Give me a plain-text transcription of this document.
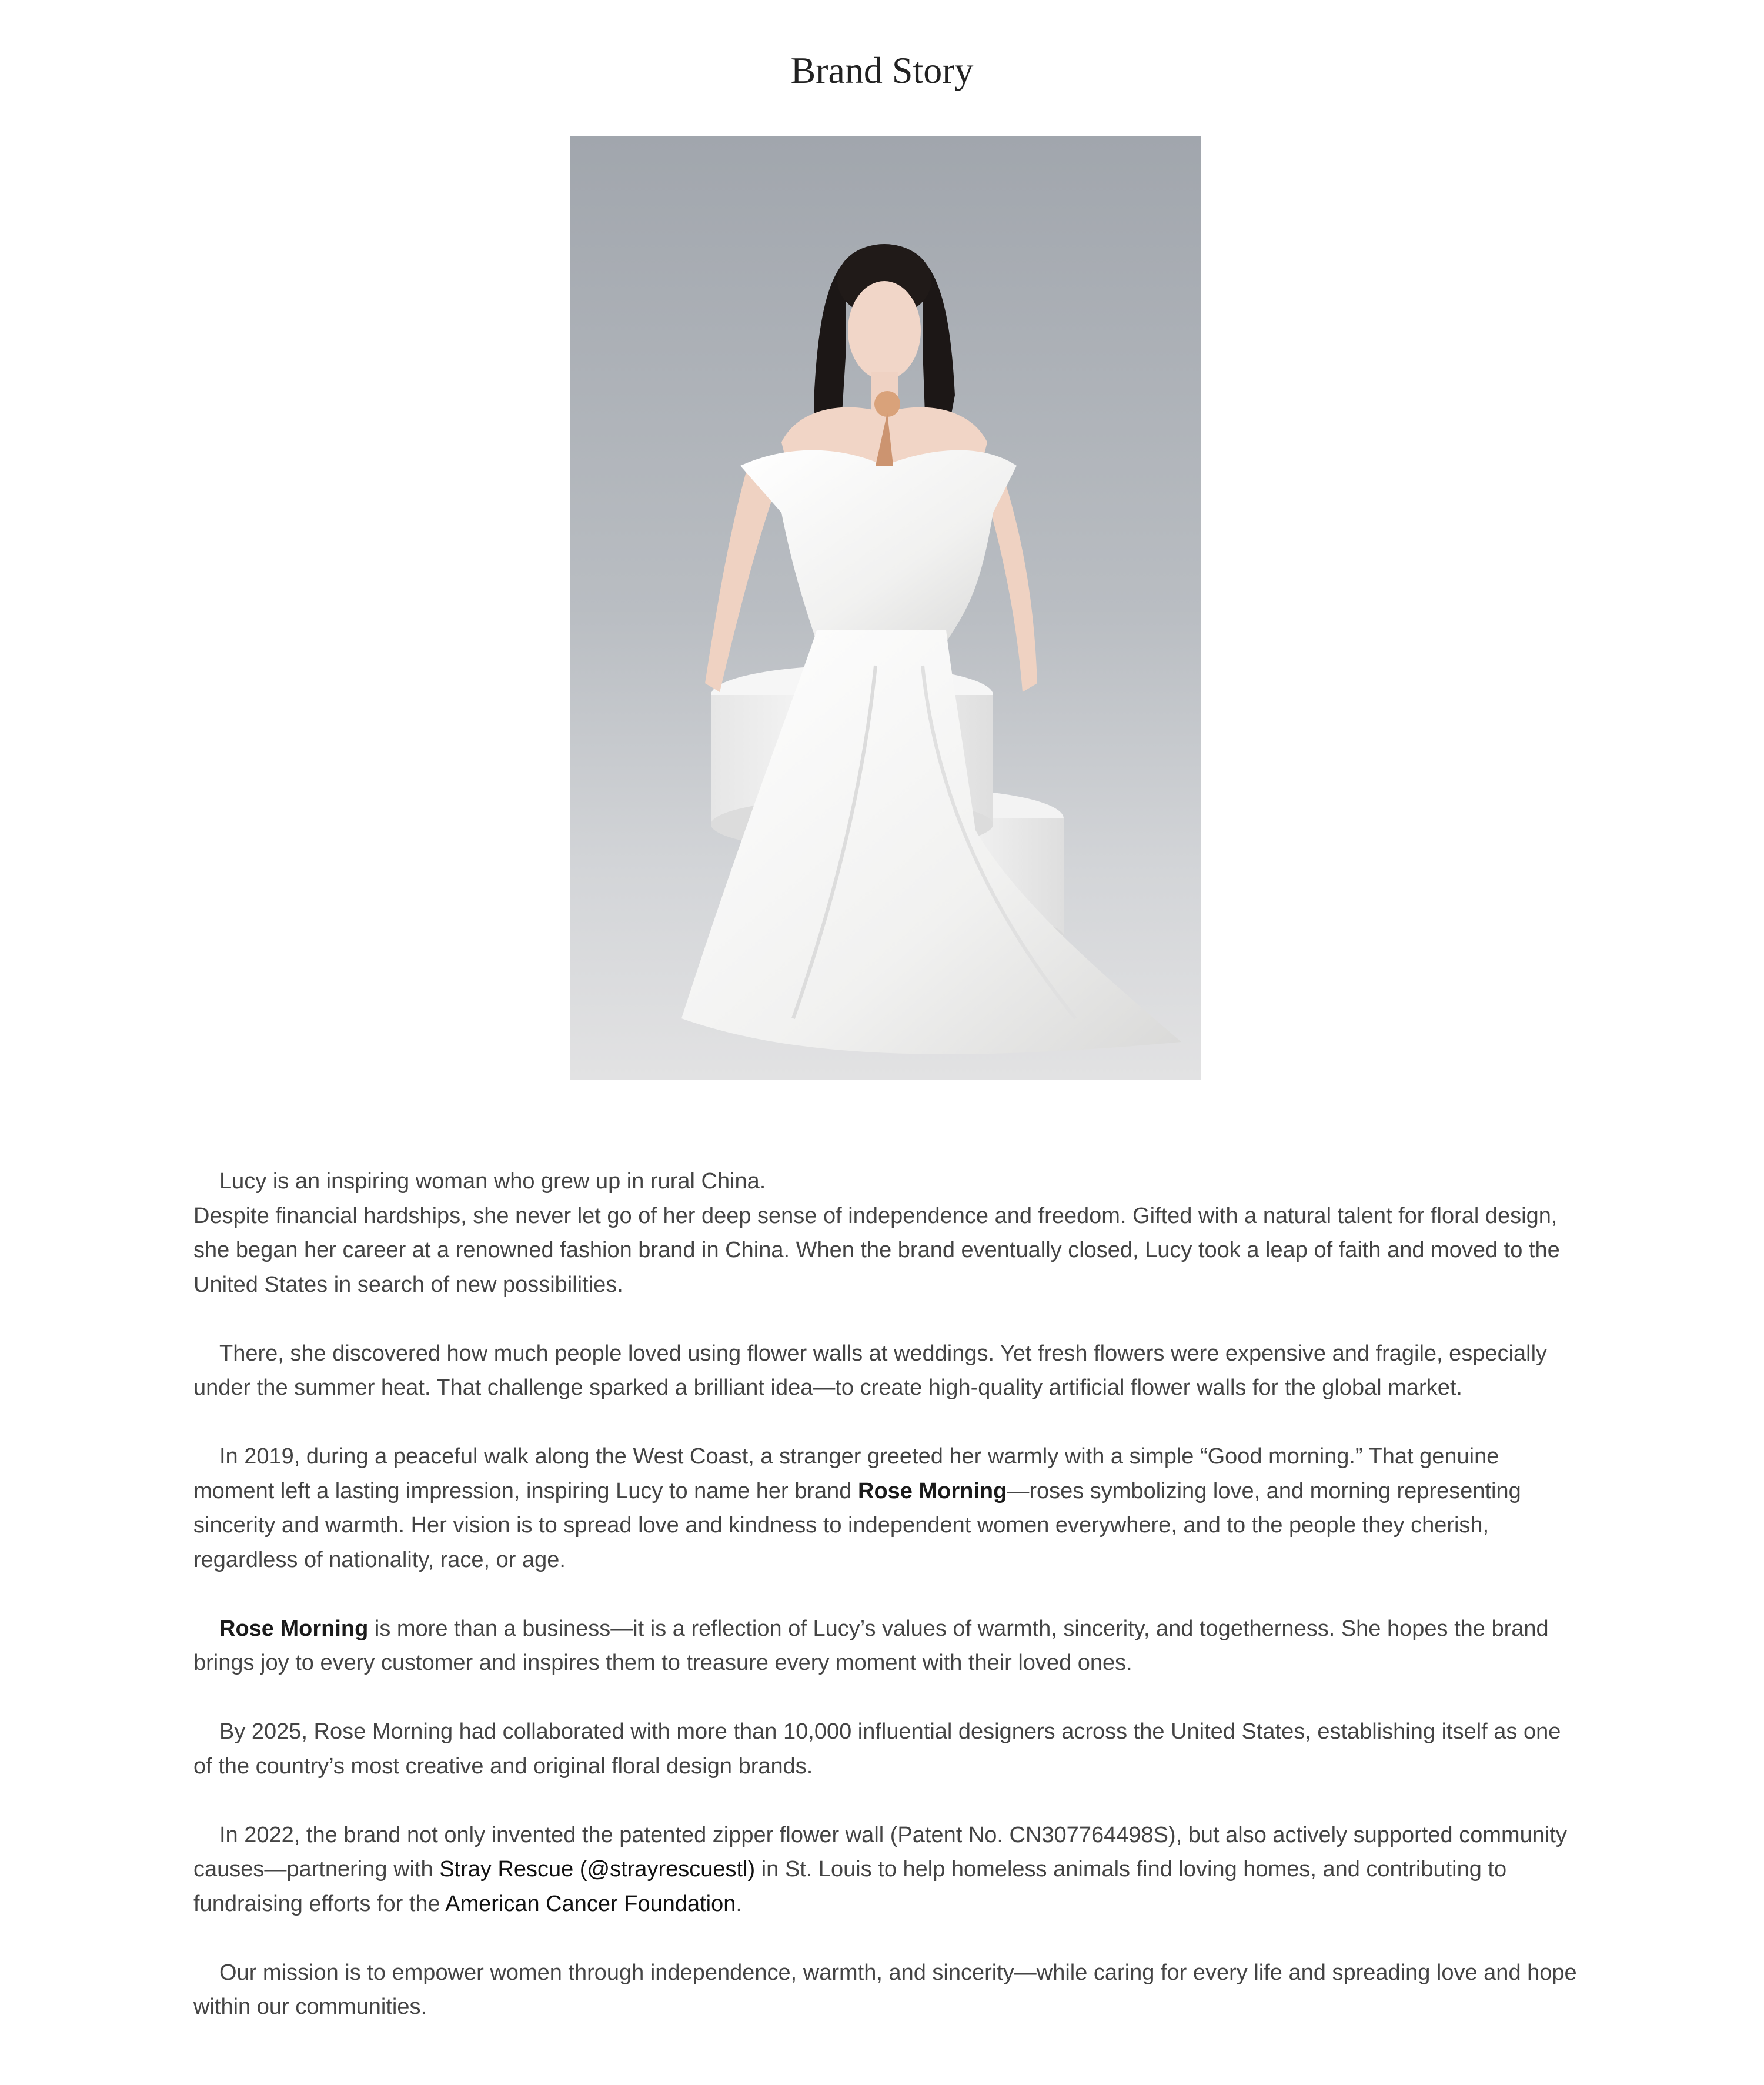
Brand Story

Lucy is an inspiring woman who grew up in rural China.
Despite financial hardships, she never let go of her deep sense of independence and freedom. Gifted with a natural talent for floral design, she began her career at a renowned fashion brand in China. When the brand eventually closed, Lucy took a leap of faith and moved to the United States in search of new possibilities.

There, she discovered how much people loved using flower walls at weddings. Yet fresh flowers were expensive and fragile, especially under the summer heat. That challenge sparked a brilliant idea—to create high-quality artificial flower walls for the global market.

In 2019, during a peaceful walk along the West Coast, a stranger greeted her warmly with a simple “Good morning.” That genuine moment left a lasting impression, inspiring Lucy to name her brand Rose Morning—roses symbolizing love, and morning representing sincerity and warmth. Her vision is to spread love and kindness to independent women everywhere, and to the people they cherish, regardless of nationality, race, or age.

Rose Morning is more than a business—it is a reflection of Lucy’s values of warmth, sincerity, and togetherness. She hopes the brand brings joy to every customer and inspires them to treasure every moment with their loved ones.

By 2025, Rose Morning had collaborated with more than 10,000 influential designers across the United States, establishing itself as one of the country’s most creative and original floral design brands.

In 2022, the brand not only invented the patented zipper flower wall (Patent No. CN307764498S), but also actively supported community causes—partnering with Stray Rescue (@strayrescuestl) in St. Louis to help homeless animals find loving homes, and contributing to fundraising efforts for the American Cancer Foundation.

Our mission is to empower women through independence, warmth, and sincerity—while caring for every life and spreading love and hope within our communities.
